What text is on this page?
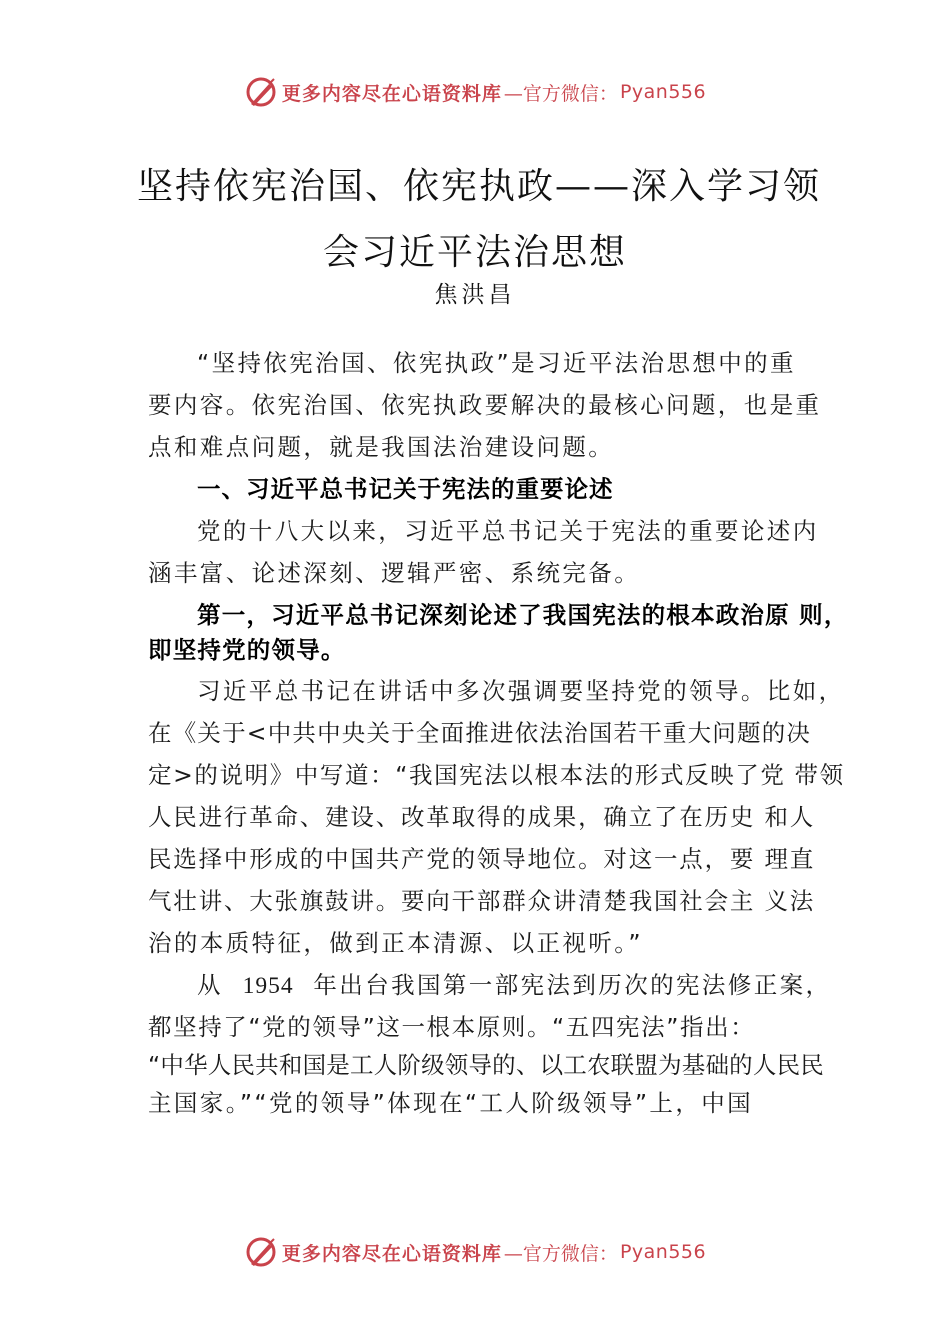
更多内容尽在心语资料库 —官方微信： Pyan556
坚持依宪治国、依宪执政——深入学习领
会习近平法治思想
焦洪昌
“坚持依宪治国、依宪执政”是习近平法治思想中的重
要内容。依宪治国、依宪执政要解决的最核心问题，也是重
点和难点问题，就是我国法治建设问题。
一、习近平总书记关于宪法的重要论述
党的十八大以来，习近平总书记关于宪法的重要论述内
涵丰富、论述深刻、逻辑严密、系统完备。
第一，习近平总书记深刻论述了我国宪法的根本政治原 则，
即坚持党的领导。
习近平总书记在讲话中多次强调要坚持党的领导。比如，
在《关于<中共中央关于全面推进依法治国若干重大问题的决
定>的说明》中写道：“我国宪法以根本法的形式反映了党 带领
人民进行革命、建设、改革取得的成果，确立了在历史 和人
民选择中形成的中国共产党的领导地位。对这一点，要 理直
气壮讲、大张旗鼓讲。要向干部群众讲清楚我国社会主 义法
治的本质特征，做到正本清源、以正视听。”
从 1954 年出台我国第一部宪法到历次的宪法修正案，
都坚持了“党的领导”这一根本原则。“五四宪法”指出：
“中华人民共和国是工人阶级领导的、以工农联盟为基础的人民民
主国家。”“党的领导”体现在“工人阶级领导”上，中国
更多内容尽在心语资料库 —官方微信： Pyan556
